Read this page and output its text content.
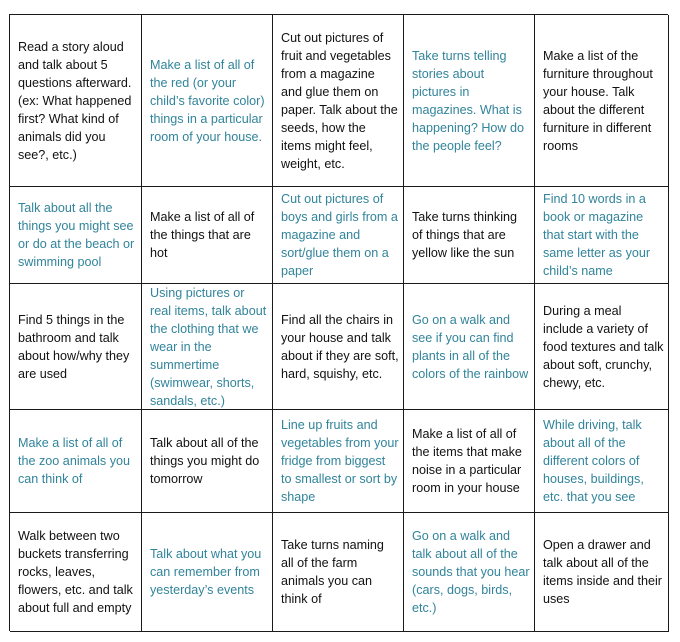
Read a story aloud and talk about 5 questions afterward. (ex: What happened first? What kind of animals did you see?, etc.)
Make a list of all of the red (or your child’s favorite color) things in a particular room of your house.
Cut out pictures of fruit and vegetables from a magazine and glue them on paper. Talk about the seeds, how the items might feel, weight, etc.
Take turns telling stories about pictures in magazines. What is happening? How do the people feel?
Make a list of the furniture throughout your house. Talk about the different furniture in different rooms
Talk about all the things you might see or do at the beach or swimming pool
Make a list of all of the things that are hot
Cut out pictures of boys and girls from a magazine and sort/glue them on a paper
Take turns thinking of things that are yellow like the sun
Find 10 words in a book or magazine that start with the same letter as your child’s name
Find 5 things in the bathroom and talk about how/why they are used
Using pictures or real items, talk about the clothing that we wear in the summertime (swimwear, shorts, sandals, etc.)
Find all the chairs in your house and talk about if they are soft, hard, squishy, etc.
Go on a walk and see if you can find plants in all of the colors of the rainbow
During a meal include a variety of food textures and talk about soft, crunchy, chewy, etc.
Make a list of all of the zoo animals you can think of
Talk about all of the things you might do tomorrow
Line up fruits and vegetables from your fridge from biggest to smallest or sort by shape
Make a list of all of the items that make noise in a particular room in your house
While driving, talk about all of the different colors of houses, buildings, etc. that you see
Walk between two buckets transferring rocks, leaves, flowers, etc. and talk about full and empty
Talk about what you can remember from yesterday’s events
Take turns naming all of the farm animals you can think of
Go on a walk and talk about all of the sounds that you hear (cars, dogs, birds, etc.)
Open a drawer and talk about all of the items inside and their uses
